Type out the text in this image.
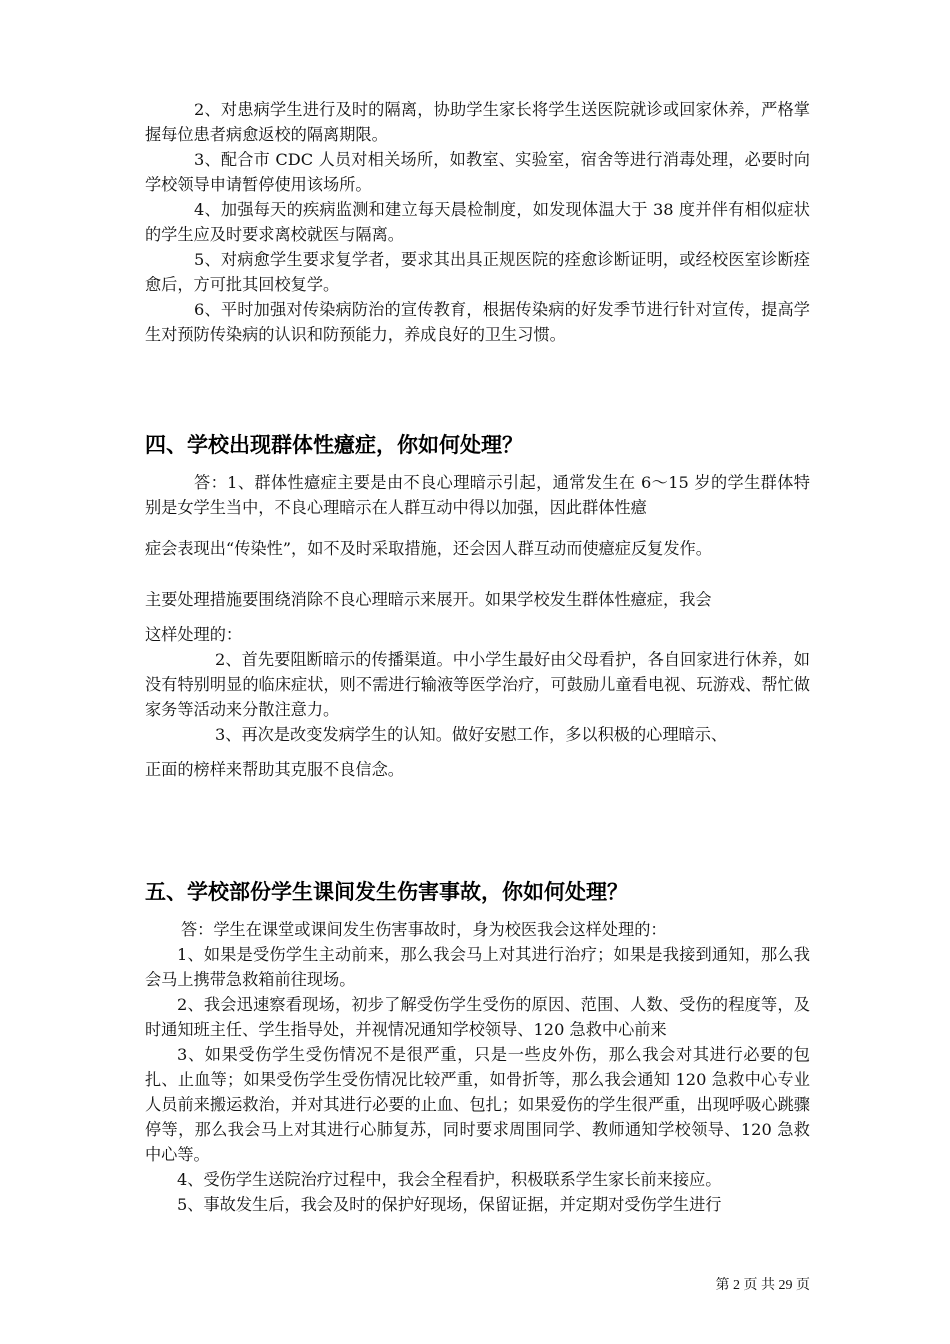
2、对患病学生进行及时的隔离，协助学生家长将学生送医院就诊或回家休养，严格掌握每位患者病愈返校的隔离期限。

3、配合市 CDC 人员对相关场所，如教室、实验室，宿舍等进行消毒处理，必要时向学校领导申请暂停使用该场所。

4、加强每天的疾病监测和建立每天晨检制度，如发现体温大于 38 度并伴有相似症状的学生应及时要求离校就医与隔离。

5、对病愈学生要求复学者，要求其出具正规医院的痊愈诊断证明，或经校医室诊断痊愈后，方可批其回校复学。

6、平时加强对传染病防治的宣传教育，根据传染病的好发季节进行针对宣传，提高学生对预防传染病的认识和防预能力，养成良好的卫生习惯。

四、学校出现群体性癔症，你如何处理？

答：1、群体性癔症主要是由不良心理暗示引起，通常发生在 6～15 岁的学生群体特别是女学生当中，不良心理暗示在人群互动中得以加强，因此群体性癔

症会表现出“传染性”，如不及时采取措施，还会因人群互动而使癔症反复发作。

主要处理措施要围绕消除不良心理暗示来展开。如果学校发生群体性癔症，我会

这样处理的：

2、首先要阻断暗示的传播渠道。中小学生最好由父母看护，各自回家进行休养，如没有特别明显的临床症状，则不需进行输液等医学治疗，可鼓励儿童看电视、玩游戏、帮忙做家务等活动来分散注意力。

3、再次是改变发病学生的认知。做好安慰工作，多以积极的心理暗示、

正面的榜样来帮助其克服不良信念。

五、学校部份学生课间发生伤害事故，你如何处理？

答：学生在课堂或课间发生伤害事故时，身为校医我会这样处理的：

1、如果是受伤学生主动前来，那么我会马上对其进行治疗；如果是我接到通知，那么我会马上携带急救箱前往现场。

2、我会迅速察看现场，初步了解受伤学生受伤的原因、范围、人数、受伤的程度等，及时通知班主任、学生指导处，并视情况通知学校领导、120 急救中心前来

3、如果受伤学生受伤情况不是很严重，只是一些皮外伤，那么我会对其进行必要的包扎、止血等；如果受伤学生受伤情况比较严重，如骨折等，那么我会通知 120 急救中心专业人员前来搬运救治，并对其进行必要的止血、包扎；如果爱伤的学生很严重，出现呼吸心跳骤停等，那么我会马上对其进行心肺复苏，同时要求周围同学、教师通知学校领导、120 急救中心等。

4、受伤学生送院治疗过程中，我会全程看护，积极联系学生家长前来接应。

5、事故发生后，我会及时的保护好现场，保留证据，并定期对受伤学生进行

第 2 页 共 29 页
